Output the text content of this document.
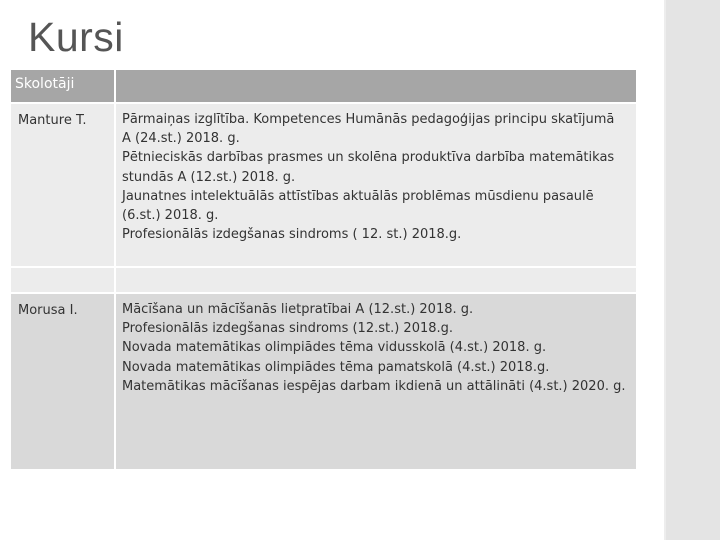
Kursi
Skolotāji	

Manture T.	Pārmaiņas izglītība. Kompetences Humānās pedagoģijas principu skatījumā A (24.st.) 2018. g.
Pētnieciskās darbības prasmes un skolēna produktīva darbība matemātikas stundās A (12.st.) 2018. g.
Jaunatnes intelektuālās attīstības aktuālās problēmas mūsdienu pasaulē (6.st.) 2018. g.
Profesionālās izdegšanas sindroms ( 12. st.) 2018.g.

Morusa I.	Mācīšana un mācīšanās lietpratībai A (12.st.) 2018. g.
Profesionālās izdegšanas sindroms (12.st.) 2018.g.
Novada matemātikas olimpiādes tēma vidusskolā (4.st.) 2018. g.
Novada matemātikas olimpiādes tēma pamatskolā (4.st.) 2018.g.
Matemātikas mācīšanas iespējas darbam ikdienā un attālināti (4.st.) 2020. g.
